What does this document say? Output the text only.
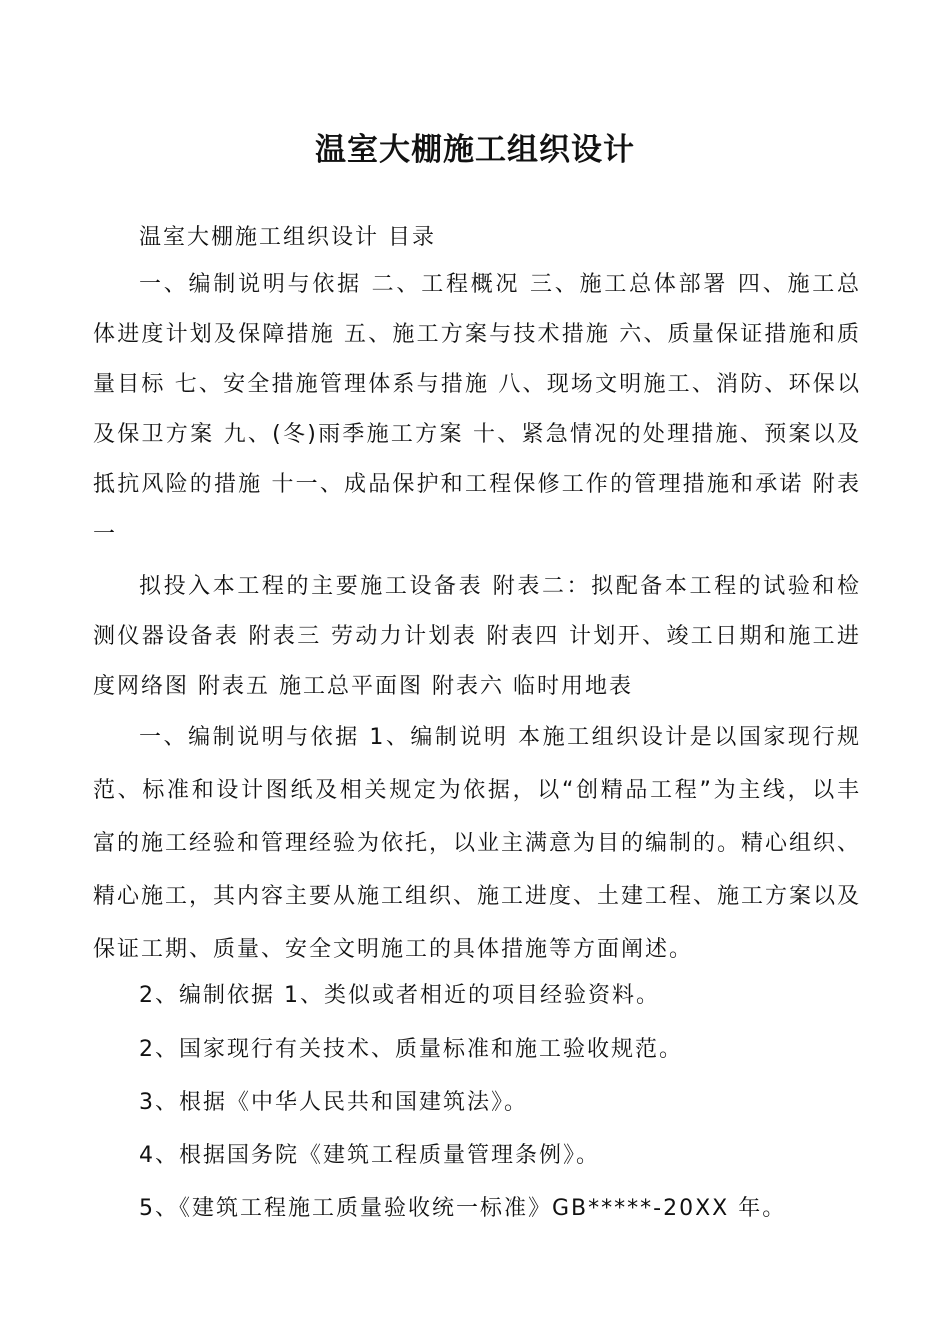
温室大棚施工组织设计

温室大棚施工组织设计 目录

一、编制说明与依据 二、工程概况 三、施工总体部署 四、施工总体进度计划及保障措施 五、施工方案与技术措施 六、质量保证措施和质量目标 七、安全措施管理体系与措施 八、现场文明施工、消防、环保以及保卫方案 九、(冬)雨季施工方案 十、紧急情况的处理措施、预案以及抵抗风险的措施 十一、成品保护和工程保修工作的管理措施和承诺 附表一

拟投入本工程的主要施工设备表 附表二：拟配备本工程的试验和检测仪器设备表 附表三 劳动力计划表 附表四 计划开、竣工日期和施工进度网络图 附表五 施工总平面图 附表六 临时用地表

一、编制说明与依据 1、编制说明 本施工组织设计是以国家现行规范、标准和设计图纸及相关规定为依据，以“创精品工程”为主线，以丰富的施工经验和管理经验为依托，以业主满意为目的编制的。精心组织、精心施工，其内容主要从施工组织、施工进度、土建工程、施工方案以及保证工期、质量、安全文明施工的具体措施等方面阐述。

2、编制依据 1、类似或者相近的项目经验资料。

2、国家现行有关技术、质量标准和施工验收规范。

3、根据《中华人民共和国建筑法》。

4、根据国务院《建筑工程质量管理条例》。

5、《建筑工程施工质量验收统一标准》GB*****-20XX 年。
